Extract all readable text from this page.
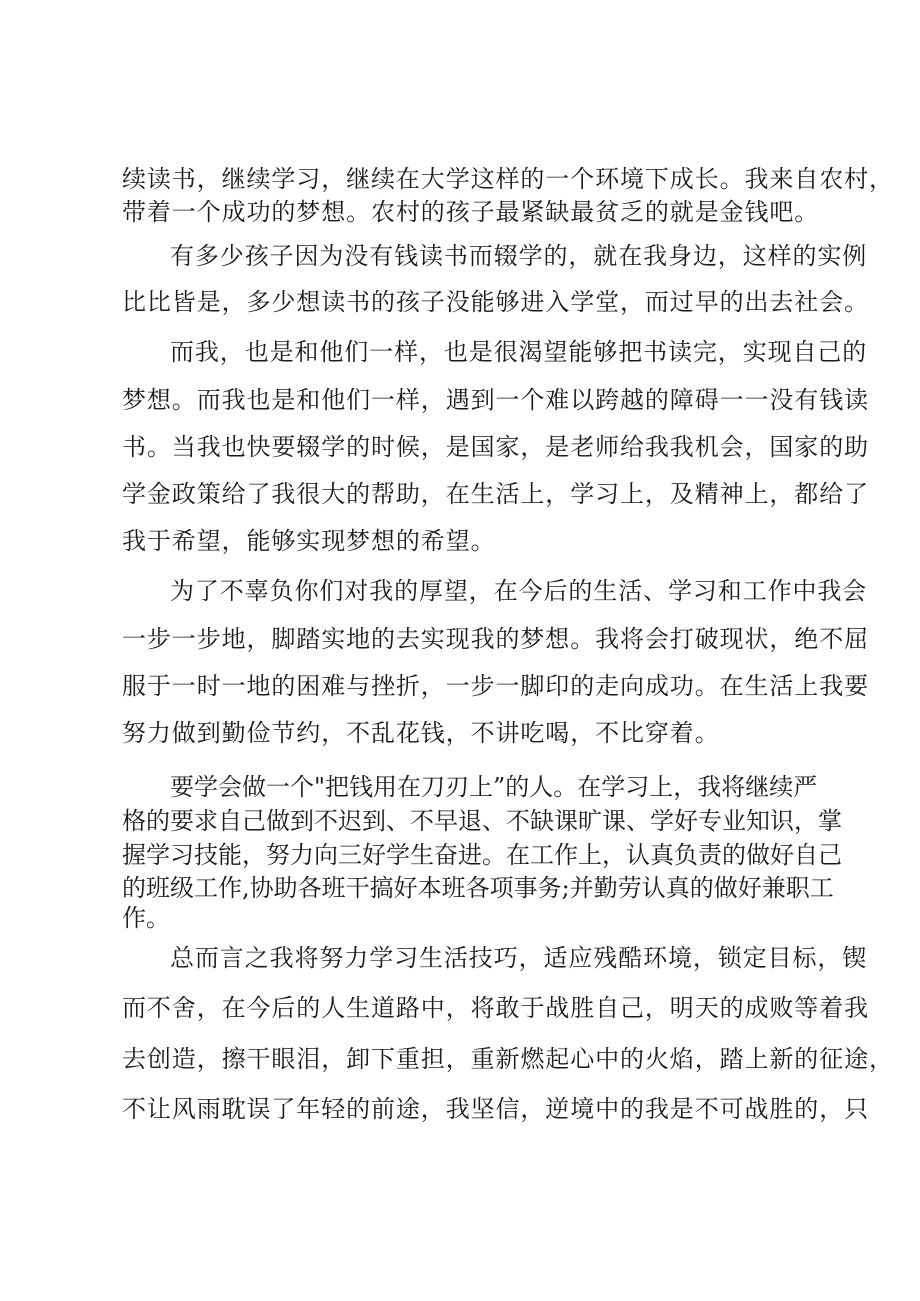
续读书，继续学习，继续在大学这样的一个环境下成长。我来自农村，
带着一个成功的梦想。农村的孩子最紧缺最贫乏的就是金钱吧。
有多少孩子因为没有钱读书而辍学的，就在我身边，这样的实例
比比皆是，多少想读书的孩子没能够进入学堂，而过早的出去社会。
而我，也是和他们一样，也是很渴望能够把书读完，实现自己的
梦想。而我也是和他们一样，遇到一个难以跨越的障碍一一没有钱读
书。当我也快要辍学的时候，是国家，是老师给我我机会，国家的助
学金政策给了我很大的帮助，在生活上，学习上，及精神上，都给了
我于希望，能够实现梦想的希望。
为了不辜负你们对我的厚望，在今后的生活、学习和工作中我会
一步一步地，脚踏实地的去实现我的梦想。我将会打破现状，绝不屈
服于一时一地的困难与挫折，一步一脚印的走向成功。在生活上我要
努力做到勤俭节约，不乱花钱，不讲吃喝，不比穿着。
要学会做一个"把钱用在刀刃上”的人。在学习上，我将继续严
格的要求自己做到不迟到、不早退、不缺课旷课、学好专业知识，掌
握学习技能，努力向三好学生奋进。在工作上，认真负责的做好自己
的班级工作,协助各班干搞好本班各项事务;并勤劳认真的做好兼职工
作。
总而言之我将努力学习生活技巧，适应残酷环境，锁定目标，锲
而不舍，在今后的人生道路中，将敢于战胜自己，明天的成败等着我
去创造，擦干眼泪，卸下重担，重新燃起心中的火焰，踏上新的征途，
不让风雨耽误了年轻的前途，我坚信，逆境中的我是不可战胜的，只
